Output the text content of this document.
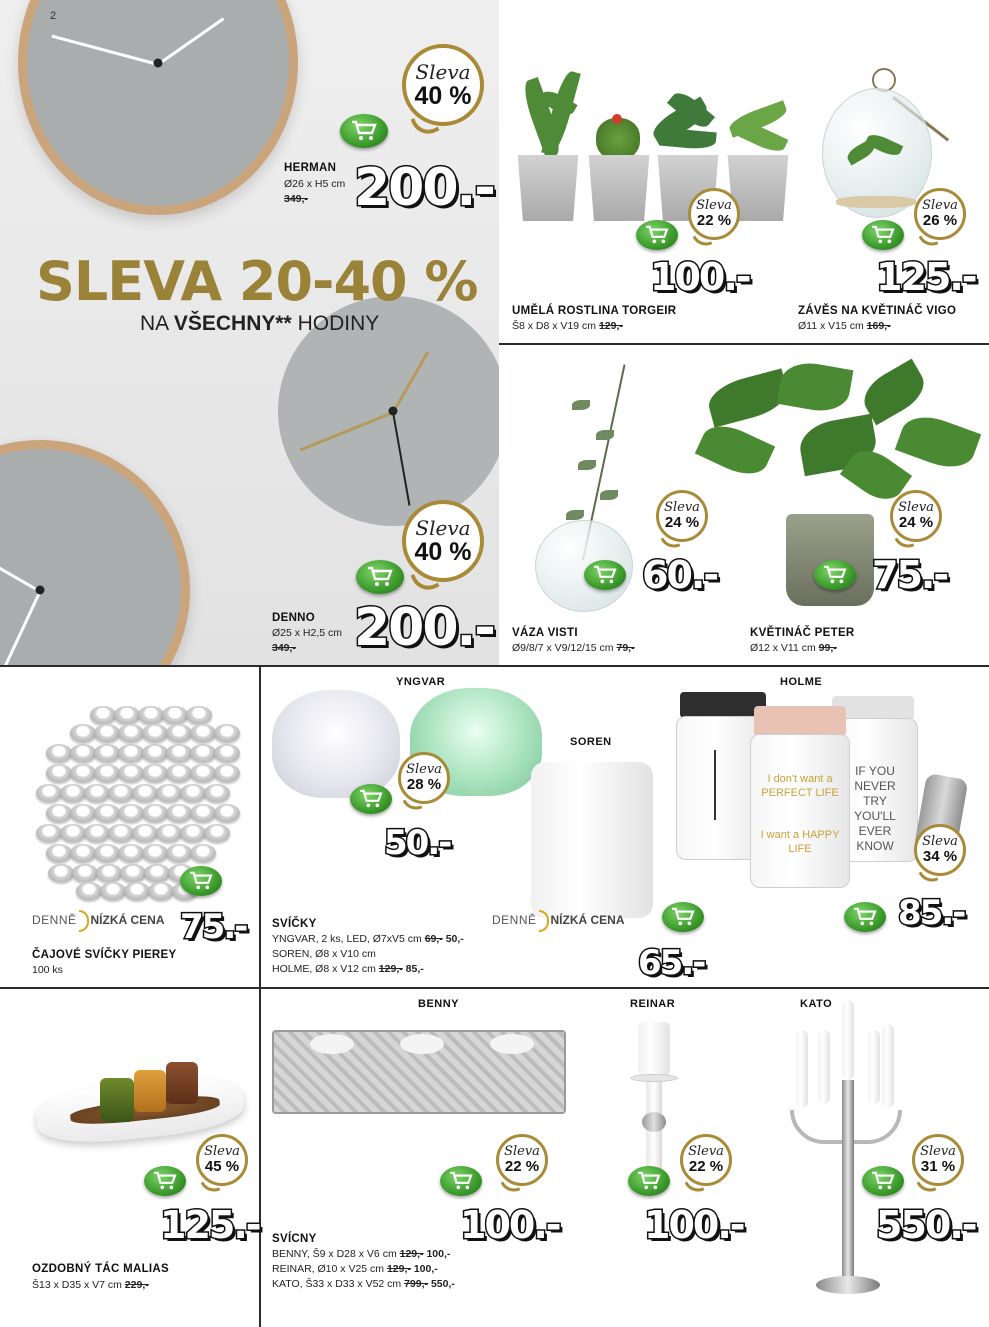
2
SLEVA 20-40 %
NA VŠECHNY** HODINY
Sleva
40 %
HERMAN
Ø26 x H5 cm
349,- 200.-
Sleva
40 %
DENNO
Ø25 x H2,5 cm
349,- 200.-
Sleva
22 %
100.-
UMĚLÁ ROSTLINA TORGEIR
Š8 x D8 x V19 cm 129,-
Sleva
26 %
125.-
ZÁVĚS NA KVĚTINÁČ VIGO
Ø11 x V15 cm 169,-
Sleva
24 %
60.-
VÁZA VISTI
Ø9/8/7 x V9/12/15 cm 79,-
Sleva
24 %
75.-
KVĚTINÁČ PETER
Ø12 x V11 cm 99,-
DENNĚ NÍZKÁ CENA 75.-
ČAJOVÉ SVÍČKY PIEREY
100 ks
YNGVAR
Sleva
28 %
50.-
SOREN
DENNĚ NÍZKÁ CENA
65.-
HOLME
IF YOU NEVER TRY YOU'LL EVER KNOW
I don't want a PERFECT LIFE
I want a HAPPY LIFE
Sleva
34 %
85.-
SVÍČKY
YNGVAR, 2 ks, LED, Ø7xV5 cm 69,- 50,-
SOREN, Ø8 x V10 cm
HOLME, Ø8 x V12 cm 129,- 85,-
Sleva
45 %
125.-
OZDOBNÝ TÁC MALIAS
Š13 x D35 x V7 cm 229,-
BENNY
Sleva
22 %
100.-
REINAR
Sleva
22 %
100.-
KATO
Sleva
31 %
550.-
SVÍCNY
BENNY, Š9 x D28 x V6 cm 129,- 100,-
REINAR, Ø10 x V25 cm 129,- 100,-
KATO, Š33 x D33 x V52 cm 799,- 550,-
